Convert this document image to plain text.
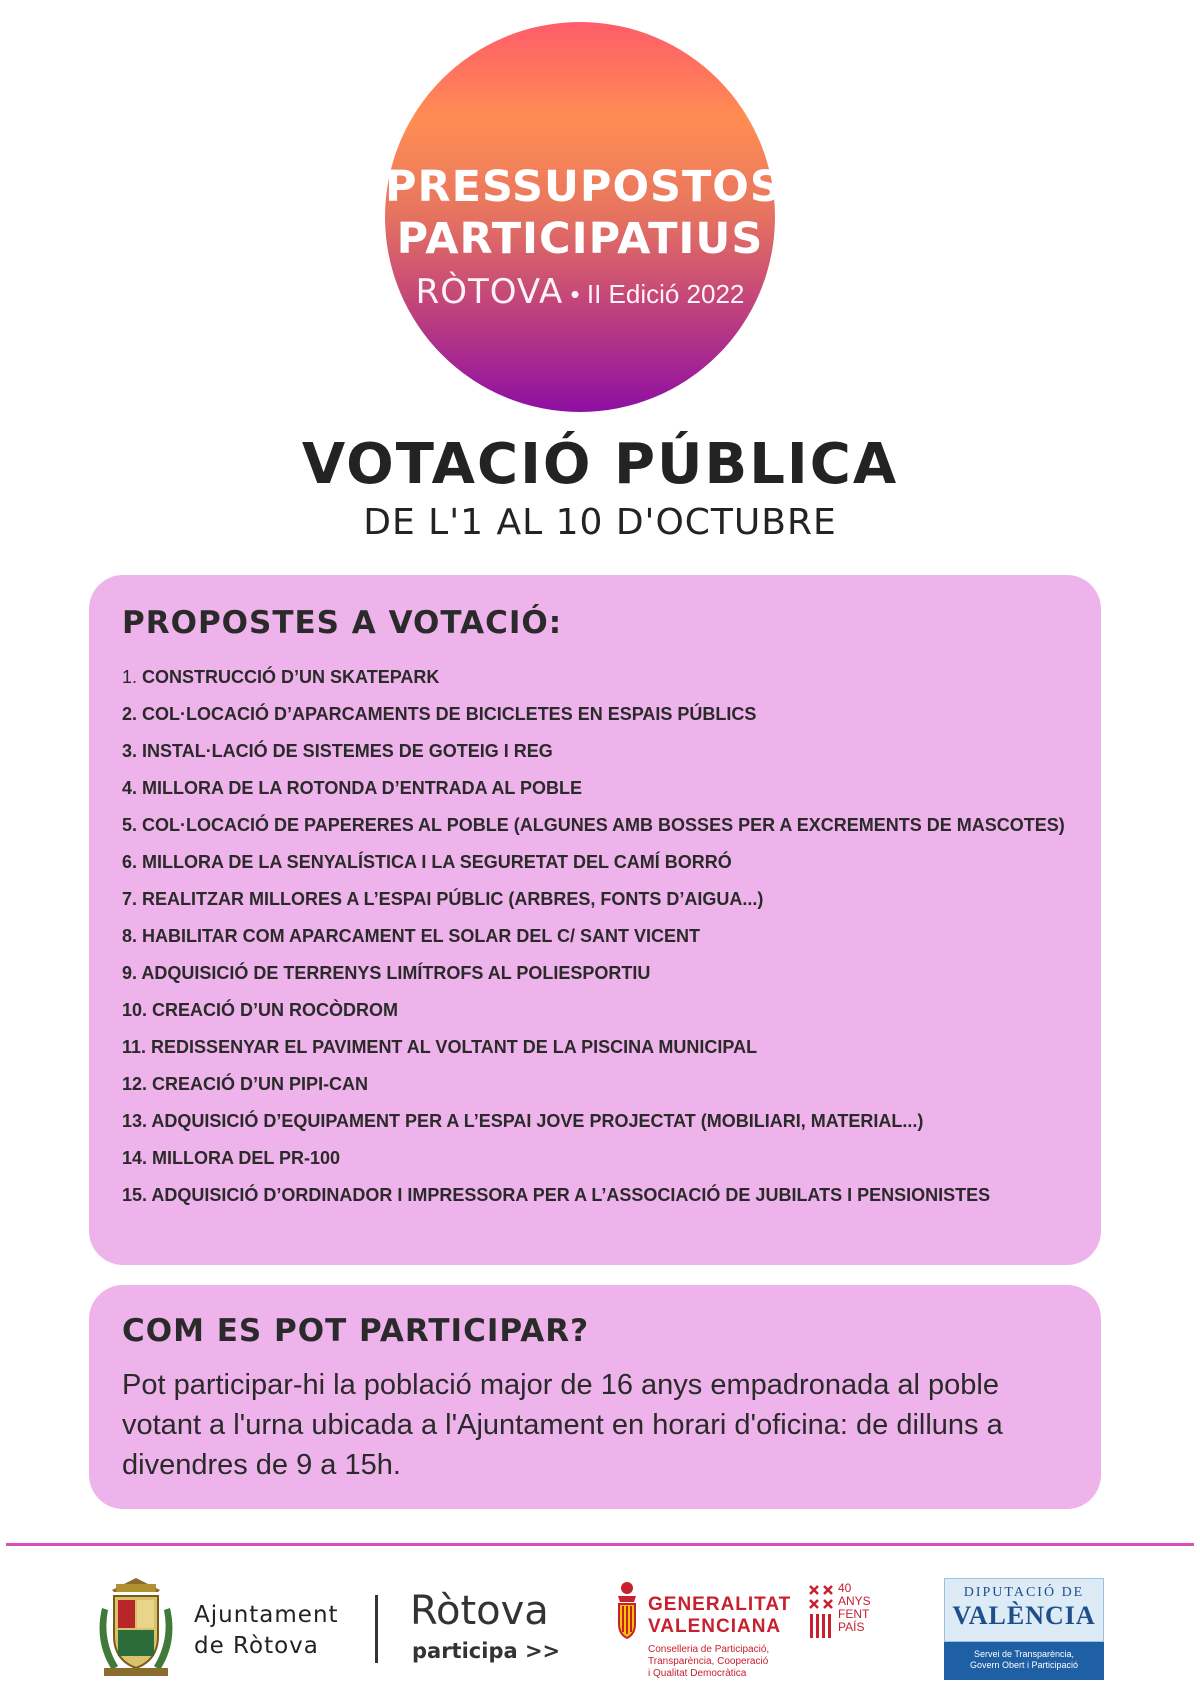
PRESSUPOSTOS
PARTICIPATIUS
RÒTOVA • II Edició 2022
VOTACIÓ PÚBLICA
DE L'1 AL 10 D'OCTUBRE
PROPOSTES A VOTACIÓ:
1. CONSTRUCCIÓ D’UN SKATEPARK
2. COL·LOCACIÓ D’APARCAMENTS DE BICICLETES EN ESPAIS PÚBLICS
3. INSTAL·LACIÓ DE SISTEMES DE GOTEIG I REG
4. MILLORA DE LA ROTONDA D’ENTRADA AL POBLE
5. COL·LOCACIÓ DE PAPERERES AL POBLE (ALGUNES AMB BOSSES PER A EXCREMENTS DE MASCOTES)
6. MILLORA DE LA SENYALÍSTICA I LA SEGURETAT DEL CAMÍ BORRÓ
7. REALITZAR MILLORES A L’ESPAI PÚBLIC (ARBRES, FONTS D’AIGUA...)
8. HABILITAR COM APARCAMENT EL SOLAR DEL C/ SANT VICENT
9. ADQUISICIÓ DE TERRENYS LIMÍTROFS AL POLIESPORTIU
10. CREACIÓ D’UN ROCÒDROM
11. REDISSENYAR EL PAVIMENT AL VOLTANT DE LA PISCINA MUNICIPAL
12. CREACIÓ D’UN PIPI-CAN
13. ADQUISICIÓ D’EQUIPAMENT PER A L’ESPAI JOVE PROJECTAT (MOBILIARI, MATERIAL...)
14. MILLORA DEL PR-100
15. ADQUISICIÓ D’ORDINADOR I IMPRESSORA PER A L’ASSOCIACIÓ DE JUBILATS I PENSIONISTES
COM ES POT PARTICIPAR?
Pot participar-hi la població major de 16 anys empadronada al poble votant a l'urna ubicada a l'Ajuntament en horari d'oficina: de dilluns a divendres de 9 a 15h.
Ajuntament
de Ròtova
Ròtova
participa >>
GENERALITAT
VALENCIANA
Conselleria de Participació,
Transparència, Cooperació
i Qualitat Democràtica
40
ANYS
FENT
PAÍS
DIPUTACIÓ DE
VALÈNCIA
Servei de Transparència,
Govern Obert i Participació
